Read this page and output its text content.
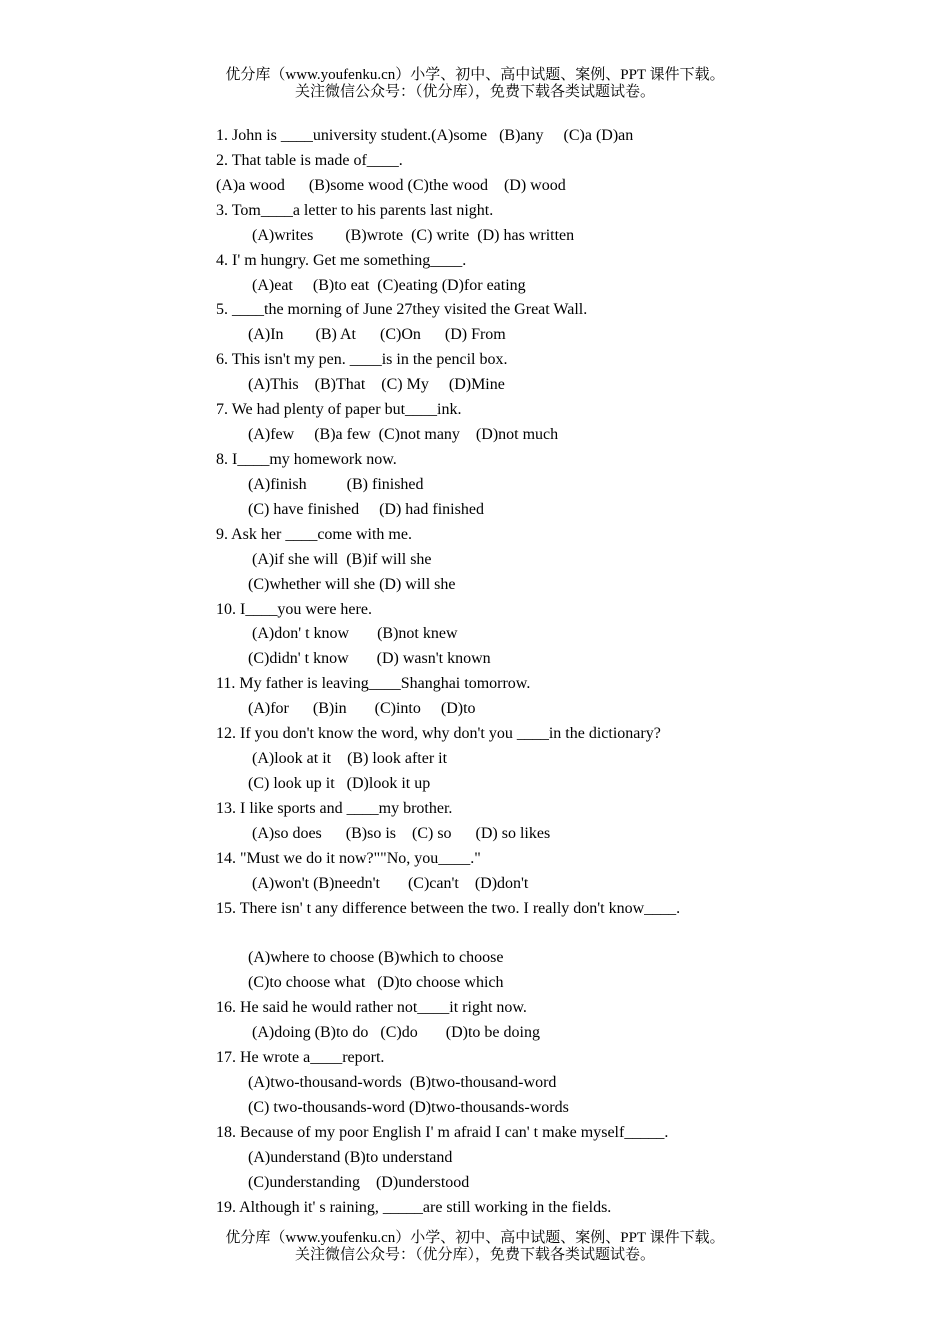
优分库（www.youfenku.cn）小学、初中、高中试题、案例、PPT 课件下载。
关注微信公众号：（优分库），免费下载各类试题试卷。
1. John is ____university student.(A)some   (B)any     (C)a (D)an
2. That table is made of____.
(A)a wood      (B)some wood (C)the wood    (D) wood
3. Tom____a letter to his parents last night.
(A)writes        (B)wrote  (C) write  (D) has written
4. I' m hungry. Get me something____.
(A)eat     (B)to eat  (C)eating (D)for eating
5. ____the morning of June 27they visited the Great Wall.
(A)In        (B) At      (C)On      (D) From
6. This isn't my pen. ____is in the pencil box.
(A)This    (B)That    (C) My     (D)Mine
7. We had plenty of paper but____ink.
(A)few     (B)a few  (C)not many    (D)not much
8. I____my homework now.
(A)finish          (B) finished
(C) have finished     (D) had finished
9. Ask her ____come with me.
(A)if she will  (B)if will she
(C)whether will she (D) will she
10. I____you were here.
(A)don' t know       (B)not knew
(C)didn' t know       (D) wasn't known
11. My father is leaving____Shanghai tomorrow.
(A)for      (B)in       (C)into     (D)to
12. If you don't know the word, why don't you ____in the dictionary?
(A)look at it    (B) look after it
(C) look up it   (D)look it up
13. I like sports and ____my brother.
(A)so does      (B)so is    (C) so      (D) so likes
14. "Must we do it now?""No, you____."
(A)won't (B)needn't       (C)can't    (D)don't
15. There isn' t any difference between the two. I really don't know____.
(A)where to choose (B)which to choose
(C)to choose what   (D)to choose which
16. He said he would rather not____it right now.
(A)doing (B)to do   (C)do       (D)to be doing
17. He wrote a____report.
(A)two-thousand-words  (B)two-thousand-word
(C) two-thousands-word (D)two-thousands-words
18. Because of my poor English I' m afraid I can' t make myself_____.
(A)understand (B)to understand
(C)understanding    (D)understood
19. Although it' s raining, _____are still working in the fields.
优分库（www.youfenku.cn）小学、初中、高中试题、案例、PPT 课件下载。
关注微信公众号：（优分库），免费下载各类试题试卷。
